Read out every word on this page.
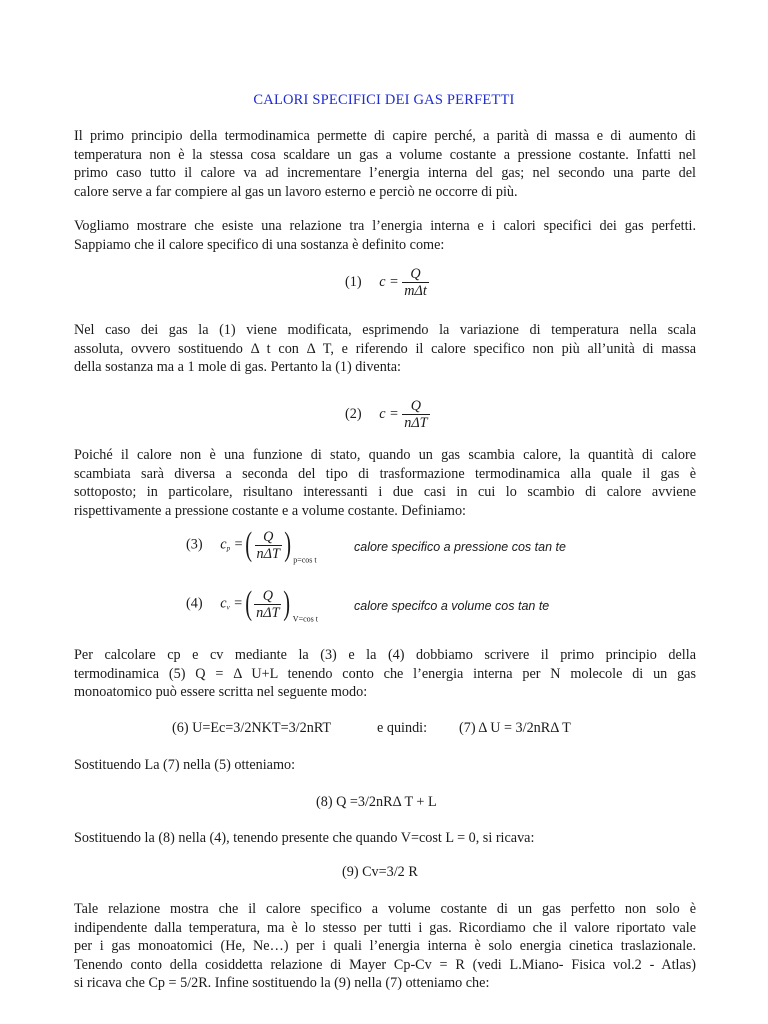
CALORI SPECIFICI DEI GAS PERFETTI
Il primo principio della termodinamica permette di capire perché, a parità di massa e di aumento di
temperatura non è la stessa cosa scaldare un gas a volume costante a pressione costante. Infatti nel
primo caso tutto il calore va ad incrementare l’energia interna del gas; nel secondo una parte del
calore serve a far compiere al gas un lavoro esterno e perciò ne occorre di più.
Vogliamo mostrare che esiste una relazione tra l’energia interna e i calori specifici dei gas perfetti.
Sappiamo che il calore specifico di una sostanza è definito come:
(1) $c = \frac{Q}{\text{mΔt}}$
Nel caso dei gas la (1) viene modificata, esprimendo la variazione di temperatura nella scala
assoluta, ovvero sostituendo Δ t con Δ T, e riferendo il calore specifico non più all’unità di massa
della sostanza ma a 1 mole di gas. Pertanto la (1) diventa:
(2) $c = \frac{Q}{\text{nΔT}}$
Poiché il calore non è una funzione di stato, quando un gas scambia calore, la quantità di calore
scambiata sarà diversa a seconda del tipo di trasformazione termodinamica alla quale il gas è
sottoposto; in particolare, risultano interessanti i due casi in cui lo scambio di calore avviene
rispettivamente a pressione costante e a volume costante. Definiamo:
(3) cp =( $\frac{Q}{\text{nΔT}}$ ) $_{p=cos t}$
calore specifico a pressione cos tan te
(4) cv =( $\frac{Q}{\text{nΔT}}$ ) $_{V=cos t}$
calore specifco a volume cos tan te
Per calcolare cp e cv mediante la (3) e la (4) dobbiamo scrivere il primo principio della
termodinamica (5) Q = Δ U+L tenendo conto che l’energia interna per N molecole di un gas
monoatomico può essere scritta nel seguente modo:
(6) U=Ec=3/2NKT=3/2nRT	e quindi: (7) Δ U = 3/2nRΔ T
Sostituendo La (7) nella (5) otteniamo:
(8) Q =3/2nRΔ T + L
Sostituendo la (8) nella (4), tenendo presente che quando V=cost L = 0, si ricava:
(9) Cv=3/2 R
Tale relazione mostra che il calore specifico a volume costante di un gas perfetto non solo è
indipendente dalla temperatura, ma è lo stesso per tutti i gas. Ricordiamo che il valore riportato vale
per i gas monoatomici (He, Ne…) per i quali l’energia interna è solo energia cinetica traslazionale.
Tenendo conto della cosiddetta relazione di Mayer Cp-Cv = R (vedi L.Miano- Fisica vol.2 - Atlas)
si ricava che Cp = 5/2R. Infine sostituendo la (9) nella (7) otteniamo che:
